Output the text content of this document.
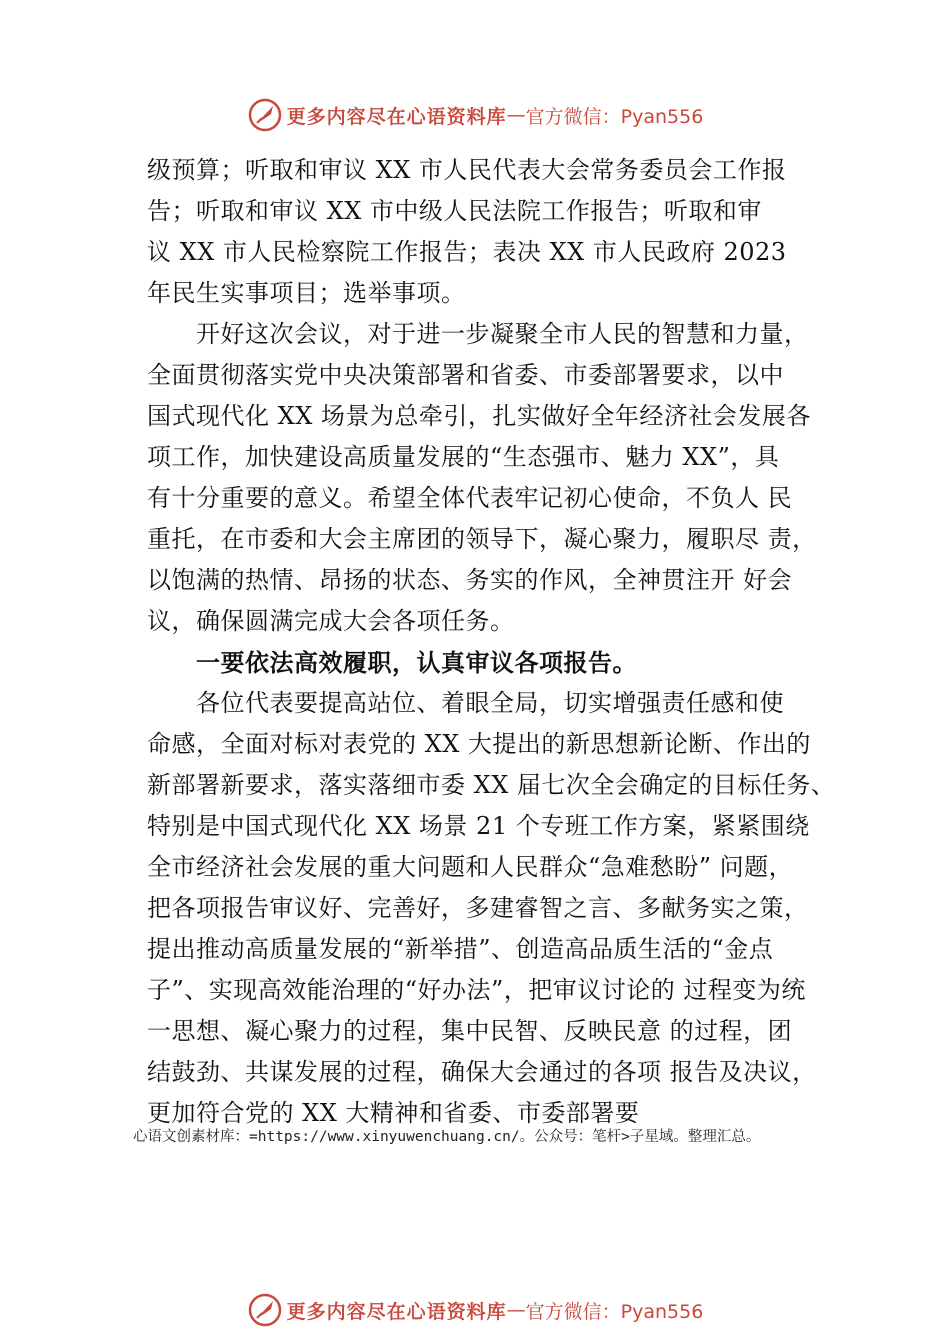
更多内容尽在心语资料库 — 官方微信：Pyan556
级预算；听取和审议 XX 市人民代表大会常务委员会工作报
告；听取和审议 XX 市中级人民法院工作报告；听取和审
议 XX 市人民检察院工作报告；表决 XX 市人民政府 2023
年民生实事项目；选举事项。
开好这次会议，对于进一步凝聚全市人民的智慧和力量，
全面贯彻落实党中央决策部署和省委、市委部署要求，以中
国式现代化 XX 场景为总牵引，扎实做好全年经济社会发展各
项工作，加快建设高质量发展的“生态强市、魅力 XX”，具
有十分重要的意义。希望全体代表牢记初心使命，不负人 民
重托，在市委和大会主席团的领导下，凝心聚力，履职尽 责，
以饱满的热情、昂扬的状态、务实的作风，全神贯注开 好会
议，确保圆满完成大会各项任务。
一要依法高效履职，认真审议各项报告。
各位代表要提高站位、着眼全局，切实增强责任感和使
命感，全面对标对表党的 XX 大提出的新思想新论断、作出的
新部署新要求，落实落细市委 XX 届七次全会确定的目标任务、
特别是中国式现代化 XX 场景 21 个专班工作方案，紧紧围绕
全市经济社会发展的重大问题和人民群众“急难愁盼” 问题，
把各项报告审议好、完善好，多建睿智之言、多献务实之策，
提出推动高质量发展的“新举措”、创造高品质生活的“金点
子”、实现高效能治理的“好办法”，把审议讨论的 过程变为统
一思想、凝心聚力的过程，集中民智、反映民意 的过程，团
结鼓劲、共谋发展的过程，确保大会通过的各项 报告及决议，
更加符合党的 XX 大精神和省委、市委部署要
心语文创素材库：=https://www.xinyuwenchuang.cn/。公众号：笔杆>子星域。整理汇总。
更多内容尽在心语资料库 — 官方微信：Pyan556
